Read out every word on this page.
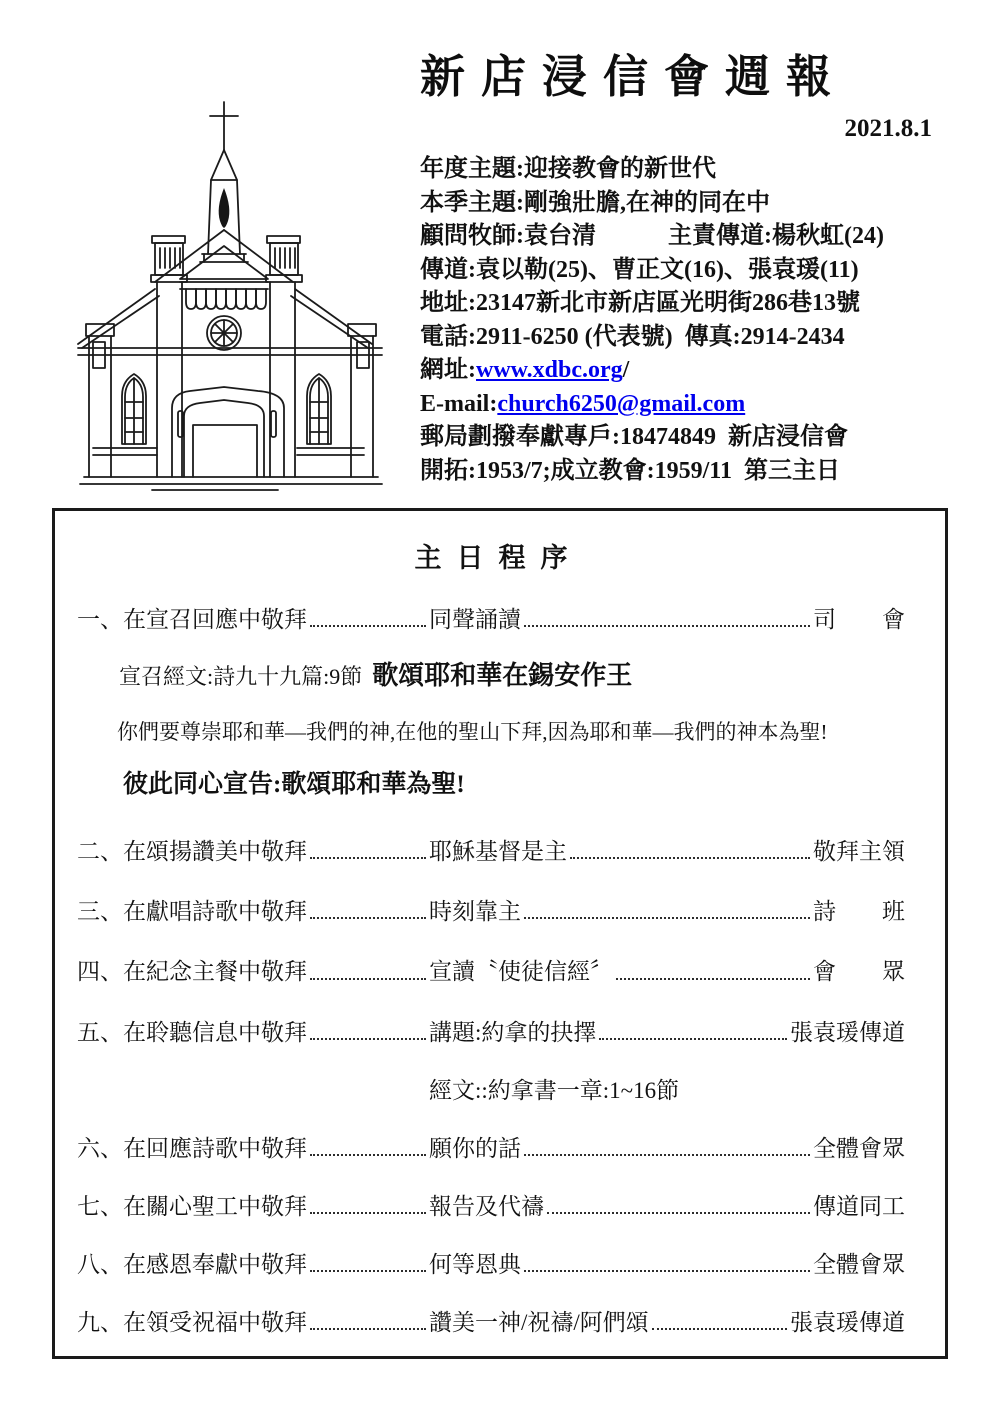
新店浸信會週報
2021.8.1
年度主題:迎接教會的新世代
本季主題:剛強壯膽,在神的同在中
顧問牧師:袁台清　　　主責傳道:楊秋虹(24)
傳道:袁以勒(25)、曹正文(16)、張袁瑗(11)
地址:23147新北市新店區光明街286巷13號
電話:2911-6250 (代表號)  傳真:2914-2434
網址:www.xdbc.org/
E-mail:church6250@gmail.com
郵局劃撥奉獻專戶:18474849  新店浸信會
開拓:1953/7;成立教會:1959/11  第三主日
主日程序
一、在宣召回應中敬拜	同聲誦讀	司　　會
宣召經文:詩九十九篇:9節 歌頌耶和華在錫安作王
你們要尊崇耶和華—我們的神,在他的聖山下拜,因為耶和華—我們的神本為聖!
彼此同心宣告:歌頌耶和華為聖!
二、在頌揚讚美中敬拜	耶穌基督是主	敬拜主領
三、在獻唱詩歌中敬拜	時刻靠主	詩　　班
四、在紀念主餐中敬拜	宣讀〝使徒信經〞	會　　眾
五、在聆聽信息中敬拜	講題:約拿的抉擇	張袁瑗傳道
經文::約拿書一章:1~16節
六、在回應詩歌中敬拜	願你的話	全體會眾
七、在關心聖工中敬拜	報告及代禱	傳道同工
八、在感恩奉獻中敬拜	何等恩典	全體會眾
九、在領受祝福中敬拜	讚美一神/祝禱/阿們頌	張袁瑗傳道
